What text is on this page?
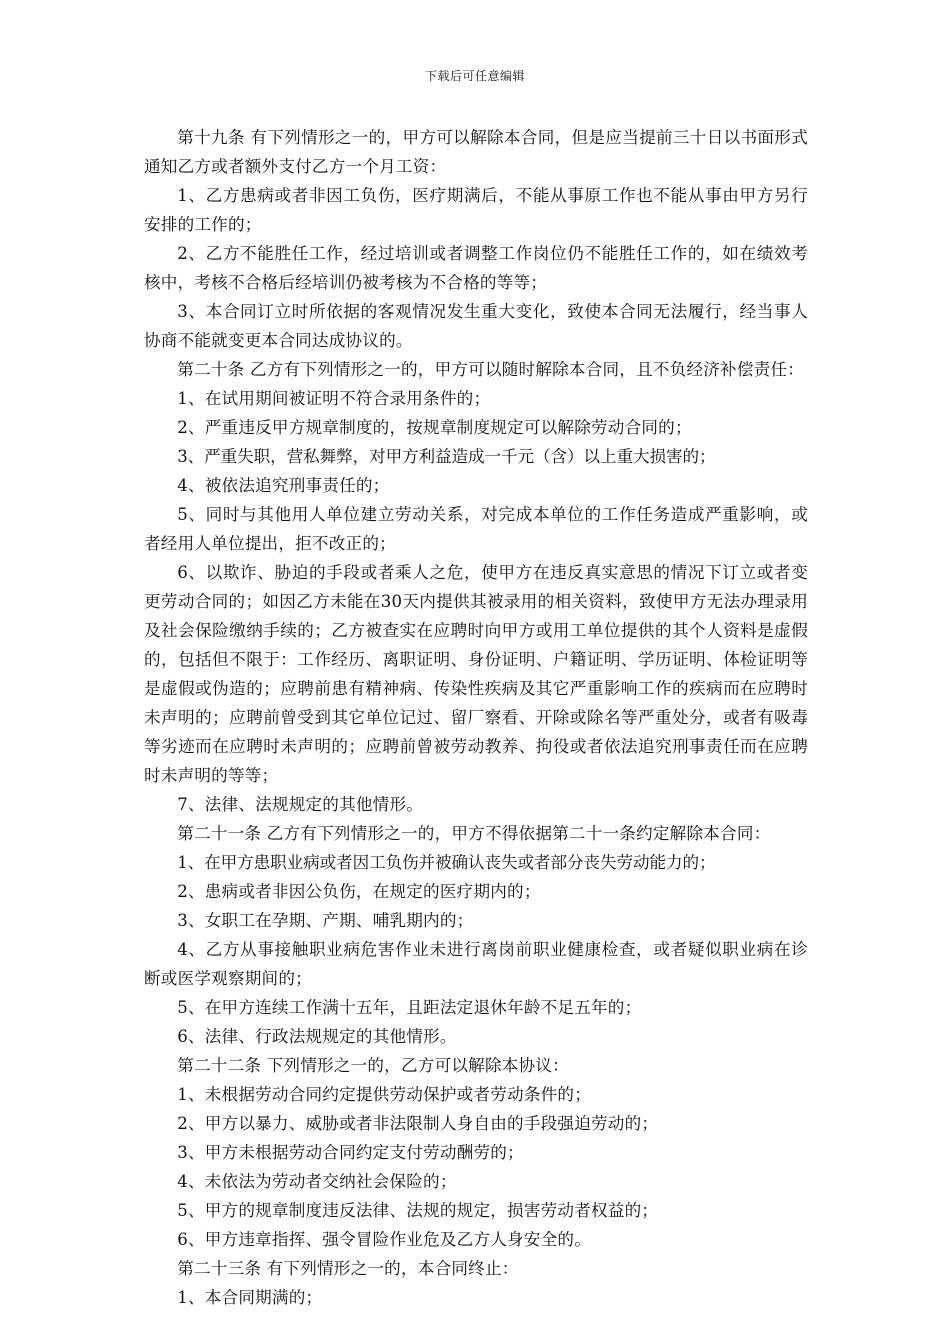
下载后可任意编辑

第十九条 有下列情形之一的，甲方可以解除本合同，但是应当提前三十日以书面形式通知乙方或者额外支付乙方一个月工资：

1、乙方患病或者非因工负伤，医疗期满后，不能从事原工作也不能从事由甲方另行安排的工作的；

2、乙方不能胜任工作，经过培训或者调整工作岗位仍不能胜任工作的，如在绩效考核中，考核不合格后经培训仍被考核为不合格的等等；

3、本合同订立时所依据的客观情况发生重大变化，致使本合同无法履行，经当事人协商不能就变更本合同达成协议的。

第二十条 乙方有下列情形之一的，甲方可以随时解除本合同，且不负经济补偿责任：

1、在试用期间被证明不符合录用条件的；

2、严重违反甲方规章制度的，按规章制度规定可以解除劳动合同的；

3、严重失职，营私舞弊，对甲方利益造成一千元（含）以上重大损害的；

4、被依法追究刑事责任的；

5、同时与其他用人单位建立劳动关系，对完成本单位的工作任务造成严重影响，或者经用人单位提出，拒不改正的；

6、以欺诈、胁迫的手段或者乘人之危，使甲方在违反真实意思的情况下订立或者变更劳动合同的；如因乙方未能在30天内提供其被录用的相关资料，致使甲方无法办理录用及社会保险缴纳手续的；乙方被查实在应聘时向甲方或用工单位提供的其个人资料是虚假的，包括但不限于：工作经历、离职证明、身份证明、户籍证明、学历证明、体检证明等是虚假或伪造的；应聘前患有精神病、传染性疾病及其它严重影响工作的疾病而在应聘时未声明的；应聘前曾受到其它单位记过、留厂察看、开除或除名等严重处分，或者有吸毒等劣迹而在应聘时未声明的；应聘前曾被劳动教养、拘役或者依法追究刑事责任而在应聘时未声明的等等；

7、法律、法规规定的其他情形。

第二十一条 乙方有下列情形之一的，甲方不得依据第二十一条约定解除本合同：

1、在甲方患职业病或者因工负伤并被确认丧失或者部分丧失劳动能力的；

2、患病或者非因公负伤，在规定的医疗期内的；

3、女职工在孕期、产期、哺乳期内的；

4、乙方从事接触职业病危害作业未进行离岗前职业健康检查，或者疑似职业病在诊断或医学观察期间的；

5、在甲方连续工作满十五年，且距法定退休年龄不足五年的；

6、法律、行政法规规定的其他情形。

第二十二条 下列情形之一的，乙方可以解除本协议：

1、未根据劳动合同约定提供劳动保护或者劳动条件的；

2、甲方以暴力、威胁或者非法限制人身自由的手段强迫劳动的；

3、甲方未根据劳动合同约定支付劳动酬劳的；

4、未依法为劳动者交纳社会保险的；

5、甲方的规章制度违反法律、法规的规定，损害劳动者权益的；

6、甲方违章指挥、强令冒险作业危及乙方人身安全的。

第二十三条 有下列情形之一的，本合同终止：

1、本合同期满的；
